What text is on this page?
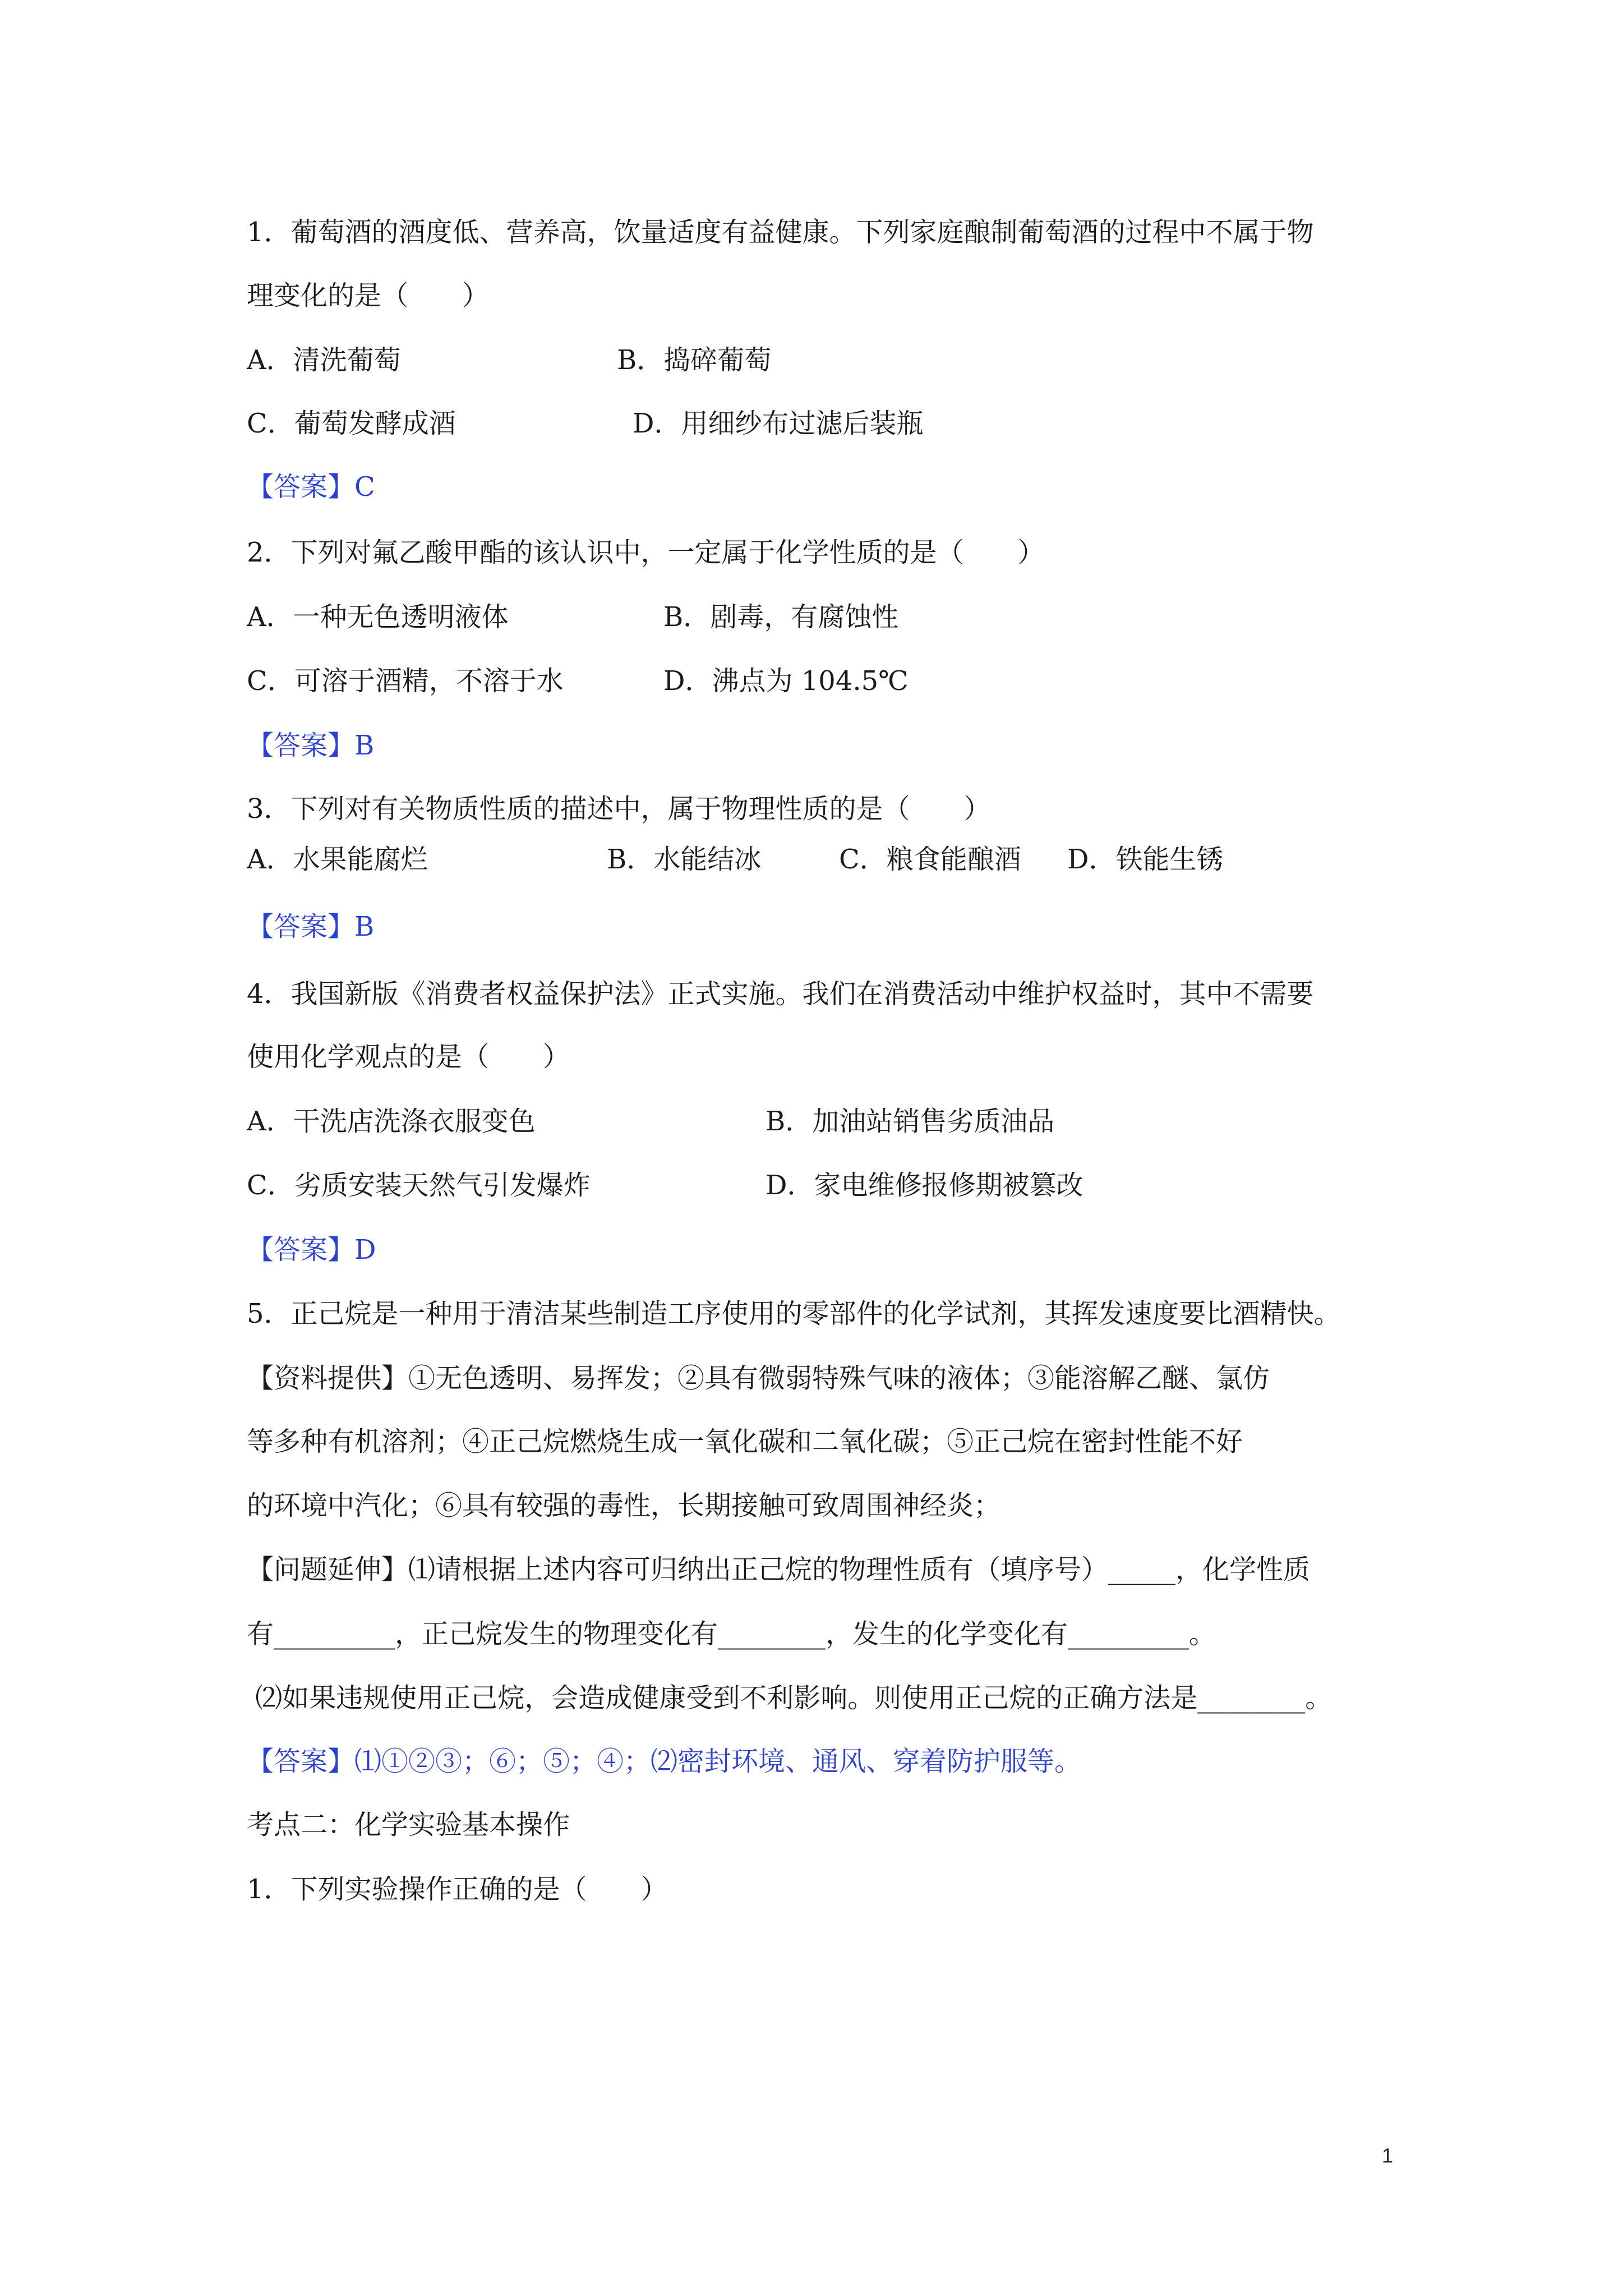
1．葡萄酒的酒度低、营养高，饮量适度有益健康。下列家庭酿制葡萄酒的过程中不属于物
理变化的是（　　）
A．清洗葡萄	B．捣碎葡萄
C．葡萄发酵成酒	D．用细纱布过滤后装瓶
【答案】C
2．下列对氟乙酸甲酯的该认识中，一定属于化学性质的是（　　）
A．一种无色透明液体	B．剧毒，有腐蚀性
C．可溶于酒精，不溶于水	D．沸点为 104.5℃
【答案】B
3．下列对有关物质性质的描述中，属于物理性质的是（　　）
A．水果能腐烂	B．水能结冰	C．粮食能酿酒 D．铁能生锈
【答案】B
4．我国新版《消费者权益保护法》正式实施。我们在消费活动中维护权益时，其中不需要
使用化学观点的是（　　）
A．干洗店洗涤衣服变色	B．加油站销售劣质油品
C．劣质安装天然气引发爆炸	D．家电维修报修期被篡改
【答案】D
5．正己烷是一种用于清洁某些制造工序使用的零部件的化学试剂，其挥发速度要比酒精快。
【资料提供】①无色透明、易挥发；②具有微弱特殊气味的液体；③能溶解乙醚、氯仿
等多种有机溶剂；④正己烷燃烧生成一氧化碳和二氧化碳；⑤正己烷在密封性能不好
的环境中汽化；⑥具有较强的毒性，长期接触可致周围神经炎；
【问题延伸】⑴请根据上述内容可归纳出正己烷的物理性质有（填序号）_____，化学性质
有_________，正己烷发生的物理变化有________，发生的化学变化有_________。
⑵如果违规使用正己烷，会造成健康受到不利影响。则使用正己烷的正确方法是________。
【答案】⑴①②③；⑥；⑤；④；⑵密封环境、通风、穿着防护服等。
考点二：化学实验基本操作
1．下列实验操作正确的是（　　）
1
